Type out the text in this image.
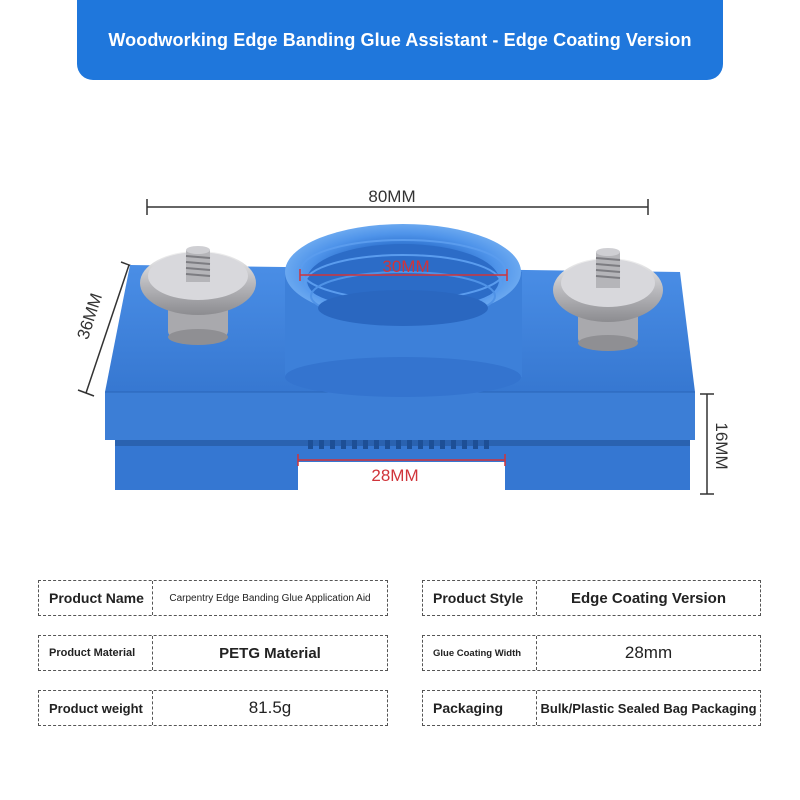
Woodworking Edge Banding Glue Assistant - Edge Coating Version
80MM
36MM
30MM
28MM
16MM
Product Name	Carpentry Edge Banding Glue Application Aid	Product Style	Edge Coating Version
Product Material	PETG Material	Glue Coating Width	28mm
Product weight	81.5g	Packaging	Bulk/Plastic Sealed Bag Packaging
